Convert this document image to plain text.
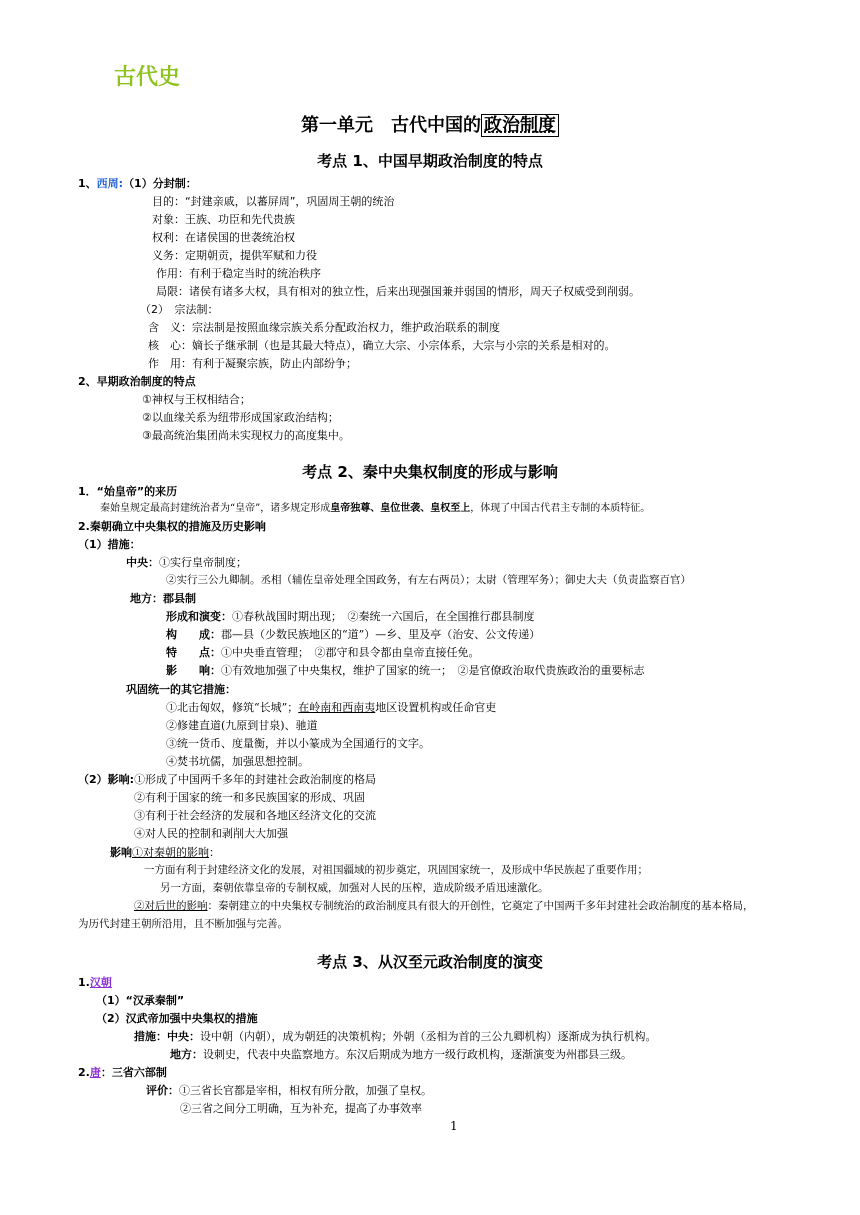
古代史
第一单元　古代中国的 政治制度
考点 1、中国早期政治制度的特点
1、西周:（1）分封制：
目的：“封建亲戚，以蕃屏周”，巩固周王朝的统治
对象：王族、功臣和先代贵族
权利：在诸侯国的世袭统治权
义务：定期朝贡，提供军赋和力役
作用：有利于稳定当时的统治秩序
局限：诸侯有诸多大权，具有相对的独立性，后来出现强国兼并弱国的情形，周天子权威受到削弱。
（2）　宗法制：
含　义：宗法制是按照血缘宗族关系分配政治权力，维护政治联系的制度
核　心：嫡长子继承制（也是其最大特点），确立大宗、小宗体系，大宗与小宗的关系是相对的。
作　用：有利于凝聚宗族，防止内部纷争；
2、早期政治制度的特点
①神权与王权相结合；
②以血缘关系为纽带形成国家政治结构；
③最高统治集团尚未实现权力的高度集中。
考点 2、秦中央集权制度的形成与影响
1．“始皇帝”的来历
秦始皇规定最高封建统治者为“皇帝”，诸多规定形成皇帝独尊、皇位世袭、皇权至上，体现了中国古代君主专制的本质特征。
2.秦朝确立中央集权的措施及历史影响
（1）措施：
中央：①实行皇帝制度；
②实行三公九卿制。丞相（辅佐皇帝处理全国政务，有左右两员）；太尉（管理军务）；御史大夫（负责监察百官）
地方：郡县制
形成和演变：①春秋战国时期出现；　②秦统一六国后，在全国推行郡县制度
构　　成：郡—县（少数民族地区的“道”）—乡、里及亭（治安、公文传递）
特　　点：①中央垂直管理；　②郡守和县令都由皇帝直接任免。
影　　响：①有效地加强了中央集权，维护了国家的统一；　②是官僚政治取代贵族政治的重要标志
巩固统一的其它措施：
①北击匈奴，修筑“长城”；在岭南和西南夷地区设置机构或任命官吏
②修建直道(九原到甘泉)、驰道
③统一货币、度量衡，并以小篆成为全国通行的文字。
④焚书坑儒，加强思想控制。
（2）影响:①形成了中国两千多年的封建社会政治制度的格局
②有利于国家的统一和多民族国家的形成、巩固
③有利于社会经济的发展和各地区经济文化的交流
④对人民的控制和剥削大大加强
影响①对秦朝的影响：
一方面有利于封建经济文化的发展，对祖国疆域的初步奠定，巩固国家统一，及形成中华民族起了重要作用；
另一方面，秦朝依靠皇帝的专制权威，加强对人民的压榨，造成阶级矛盾迅速激化。
②对后世的影响：秦朝建立的中央集权专制统治的政治制度具有很大的开创性，它奠定了中国两千多年封建社会政治制度的基本格局，
为历代封建王朝所沿用，且不断加强与完善。
考点 3、从汉至元政治制度的演变
1.汉朝
（1）“汉承秦制”
（2）汉武帝加强中央集权的措施
措施：中央：设中朝（内朝），成为朝廷的决策机构；外朝（丞相为首的三公九卿机构）逐渐成为执行机构。
地方：设刺史，代表中央监察地方。东汉后期成为地方一级行政机构，逐渐演变为州郡县三级。
2.唐：三省六部制
评价：①三省长官都是宰相，相权有所分散，加强了皇权。
②三省之间分工明确，互为补充，提高了办事效率
1
